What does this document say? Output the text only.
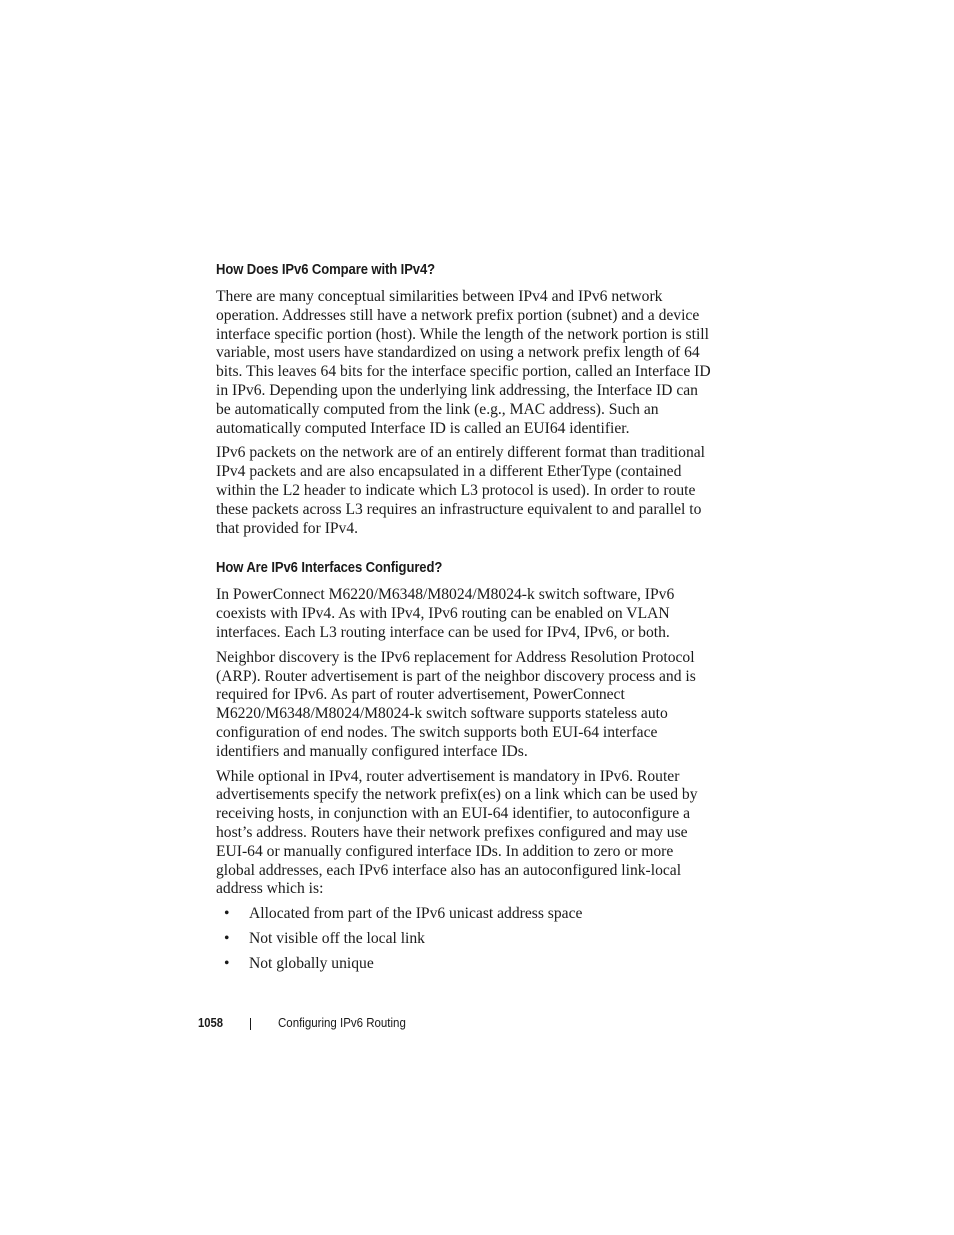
How Does IPv6 Compare with IPv4?

There are many conceptual similarities between IPv4 and IPv6 network operation. Addresses still have a network prefix portion (subnet) and a device interface specific portion (host). While the length of the network portion is still variable, most users have standardized on using a network prefix length of 64 bits. This leaves 64 bits for the interface specific portion, called an Interface ID in IPv6. Depending upon the underlying link addressing, the Interface ID can be automatically computed from the link (e.g., MAC address). Such an automatically computed Interface ID is called an EUI64 identifier.

IPv6 packets on the network are of an entirely different format than traditional IPv4 packets and are also encapsulated in a different EtherType (contained within the L2 header to indicate which L3 protocol is used). In order to route these packets across L3 requires an infrastructure equivalent to and parallel to that provided for IPv4.

How Are IPv6 Interfaces Configured?

In PowerConnect M6220/M6348/M8024/M8024-k switch software, IPv6 coexists with IPv4. As with IPv4, IPv6 routing can be enabled on VLAN interfaces. Each L3 routing interface can be used for IPv4, IPv6, or both.

Neighbor discovery is the IPv6 replacement for Address Resolution Protocol (ARP). Router advertisement is part of the neighbor discovery process and is required for IPv6. As part of router advertisement, PowerConnect M6220/M6348/M8024/M8024-k switch software supports stateless auto configuration of end nodes. The switch supports both EUI-64 interface identifiers and manually configured interface IDs.

While optional in IPv4, router advertisement is mandatory in IPv6. Router advertisements specify the network prefix(es) on a link which can be used by receiving hosts, in conjunction with an EUI-64 identifier, to autoconfigure a host’s address. Routers have their network prefixes configured and may use EUI-64 or manually configured interface IDs. In addition to zero or more global addresses, each IPv6 interface also has an autoconfigured link-local address which is:

• Allocated from part of the IPv6 unicast address space
• Not visible off the local link
• Not globally unique
1058	Configuring IPv6 Routing
